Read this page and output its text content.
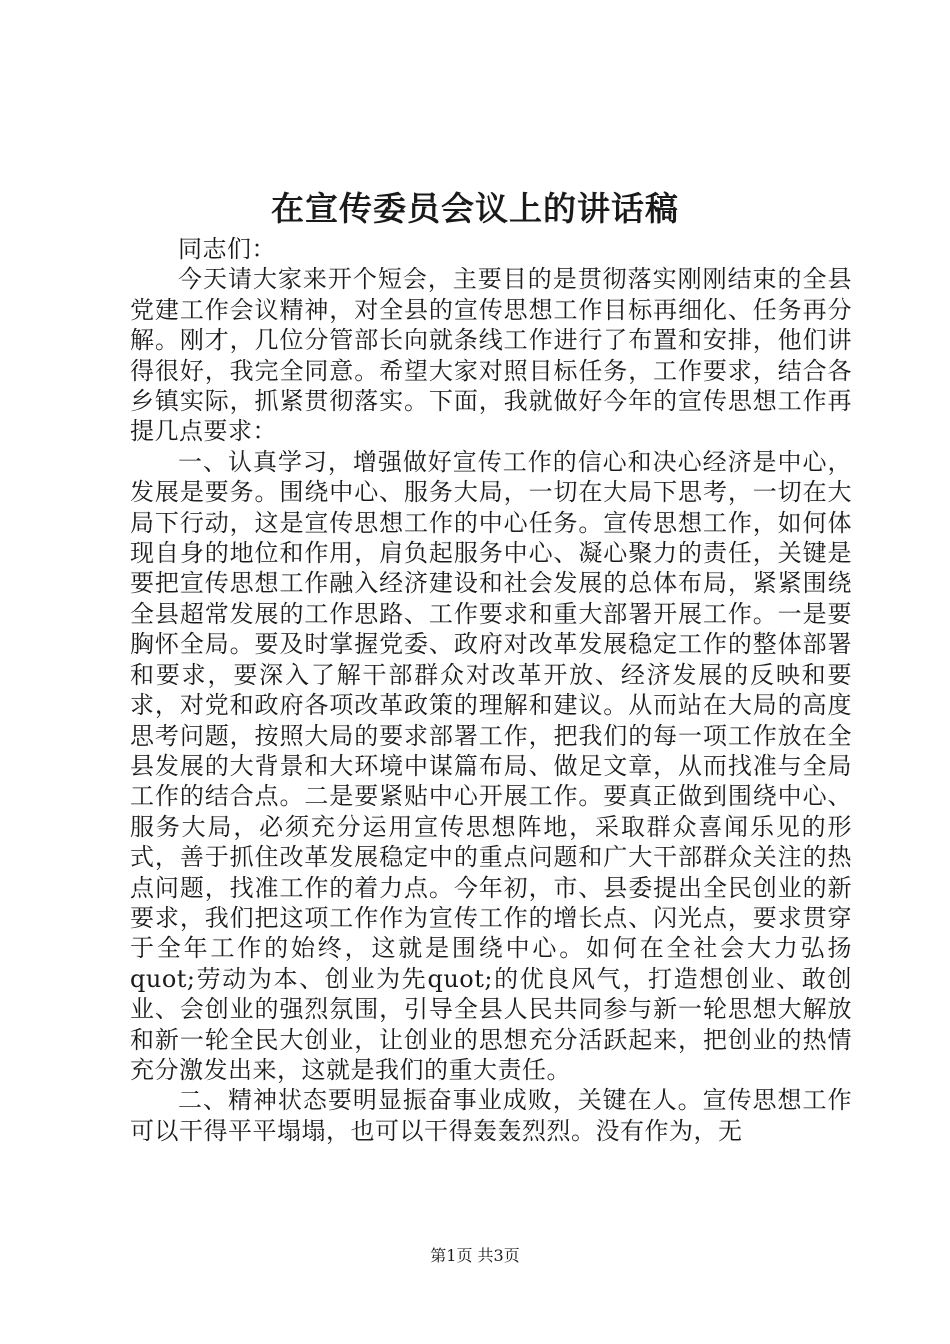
在宣传委员会议上的讲话稿

同志们：

今天请大家来开个短会，主要目的是贯彻落实刚刚结束的全县党建工作会议精神，对全县的宣传思想工作目标再细化、任务再分解。刚才，几位分管部长向就条线工作进行了布置和安排，他们讲得很好，我完全同意。希望大家对照目标任务，工作要求，结合各乡镇实际，抓紧贯彻落实。下面，我就做好今年的宣传思想工作再提几点要求：

一、认真学习，增强做好宣传工作的信心和决心经济是中心，发展是要务。围绕中心、服务大局，一切在大局下思考，一切在大局下行动，这是宣传思想工作的中心任务。宣传思想工作，如何体现自身的地位和作用，肩负起服务中心、凝心聚力的责任，关键是要把宣传思想工作融入经济建设和社会发展的总体布局，紧紧围绕全县超常发展的工作思路、工作要求和重大部署开展工作。一是要胸怀全局。要及时掌握党委、政府对改革发展稳定工作的整体部署和要求，要深入了解干部群众对改革开放、经济发展的反映和要求，对党和政府各项改革政策的理解和建议。从而站在大局的高度思考问题，按照大局的要求部署工作，把我们的每一项工作放在全县发展的大背景和大环境中谋篇布局、做足文章，从而找准与全局工作的结合点。二是要紧贴中心开展工作。要真正做到围绕中心、服务大局，必须充分运用宣传思想阵地，采取群众喜闻乐见的形式，善于抓住改革发展稳定中的重点问题和广大干部群众关注的热点问题，找准工作的着力点。今年初，市、县委提出全民创业的新要求，我们把这项工作作为宣传工作的增长点、闪光点，要求贯穿于全年工作的始终，这就是围绕中心。如何在全社会大力弘扬quot;劳动为本、创业为先quot;的优良风气，打造想创业、敢创业、会创业的强烈氛围，引导全县人民共同参与新一轮思想大解放和新一轮全民大创业，让创业的思想充分活跃起来，把创业的热情充分激发出来，这就是我们的重大责任。

二、精神状态要明显振奋事业成败，关键在人。宣传思想工作可以干得平平塌塌，也可以干得轰轰烈烈。没有作为，无

第1页 共3页
